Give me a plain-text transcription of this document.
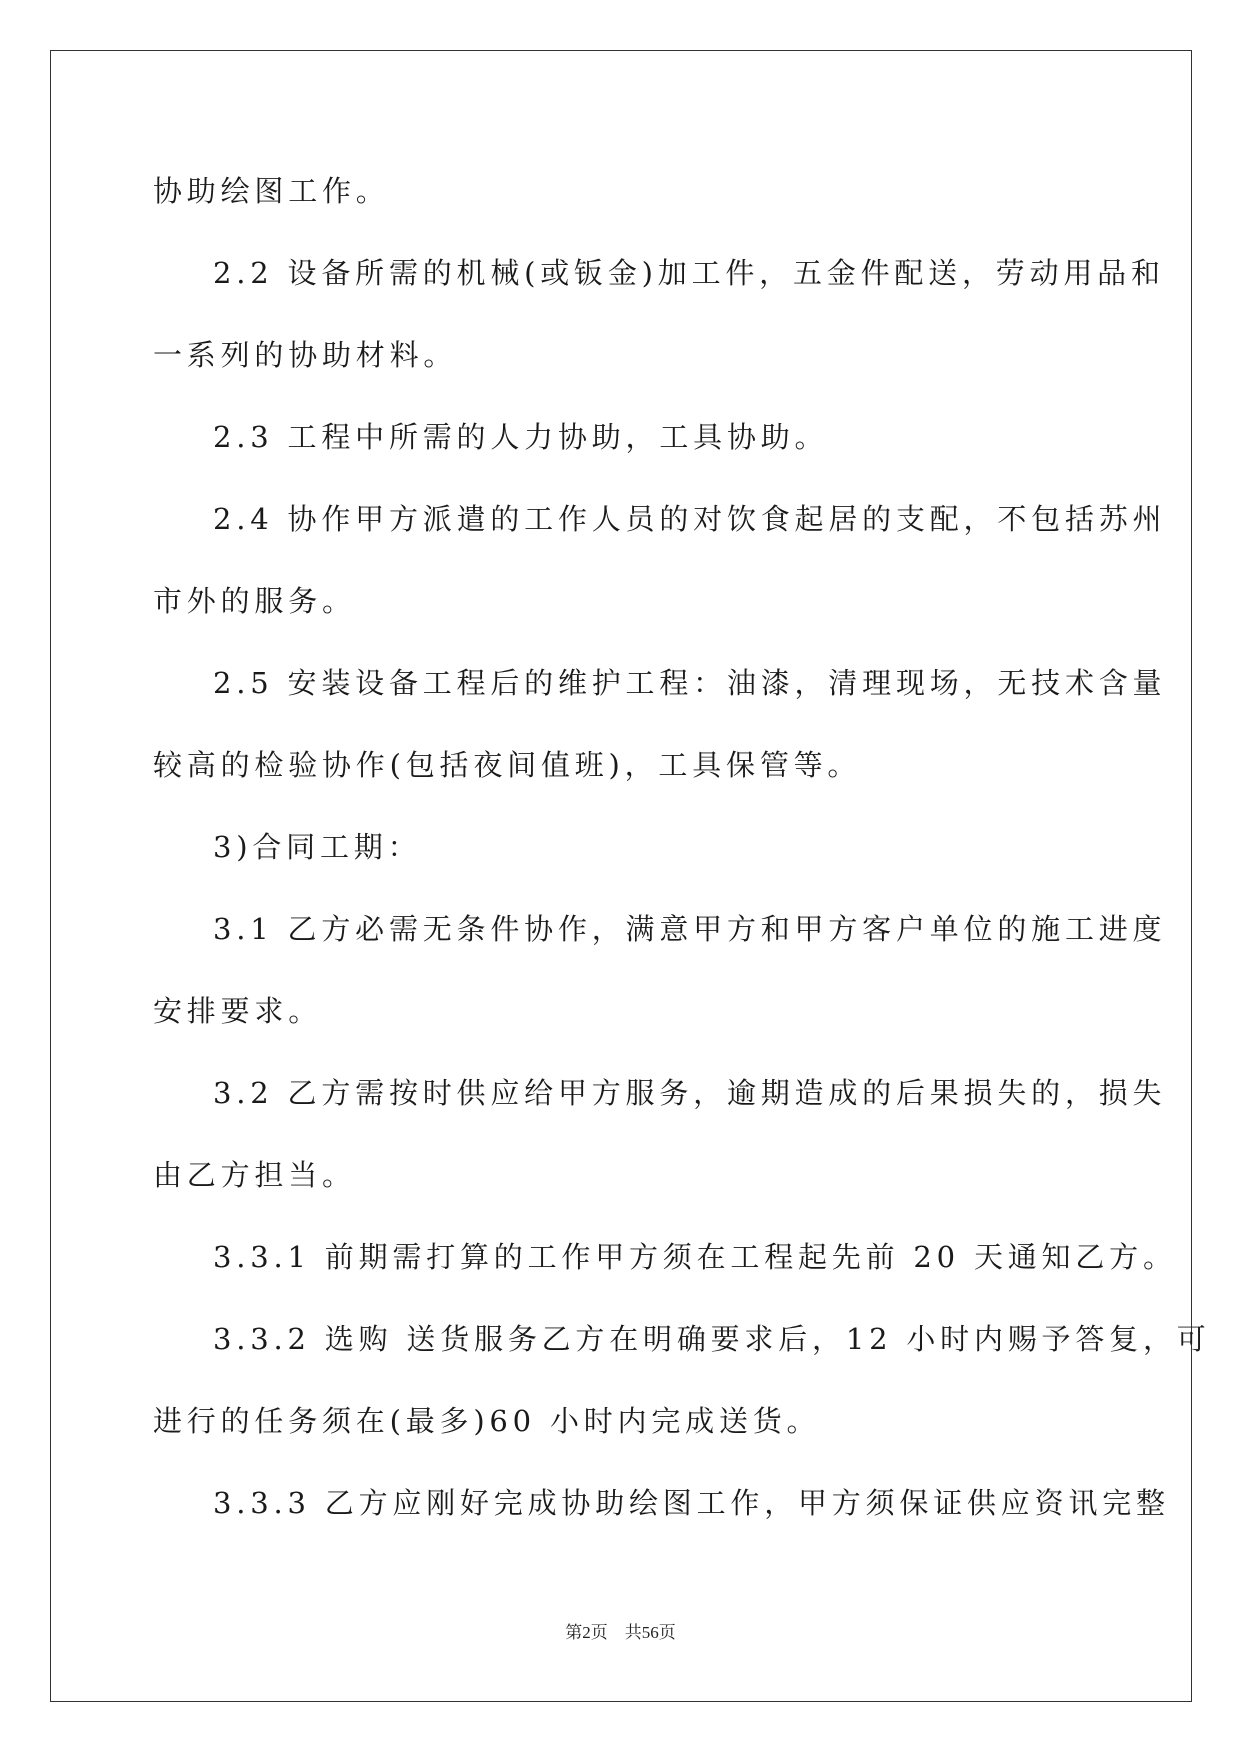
协助绘图工作。
2.2 设备所需的机械(或钣金)加工件，五金件配送，劳动用品和
一系列的协助材料。
2.3 工程中所需的人力协助，工具协助。
2.4 协作甲方派遣的工作人员的对饮食起居的支配，不包括苏州
市外的服务。
2.5 安装设备工程后的维护工程：油漆，清理现场，无技术含量
较高的检验协作(包括夜间值班)，工具保管等。
3)合同工期：
3.1 乙方必需无条件协作，满意甲方和甲方客户单位的施工进度
安排要求。
3.2 乙方需按时供应给甲方服务，逾期造成的后果损失的，损失
由乙方担当。
3.3.1 前期需打算的工作甲方须在工程起先前 20 天通知乙方。
3.3.2 选购 送货服务乙方在明确要求后，12 小时内赐予答复，可
进行的任务须在(最多)60 小时内完成送货。
3.3.3 乙方应刚好完成协助绘图工作，甲方须保证供应资讯完整
第2页 共56页
